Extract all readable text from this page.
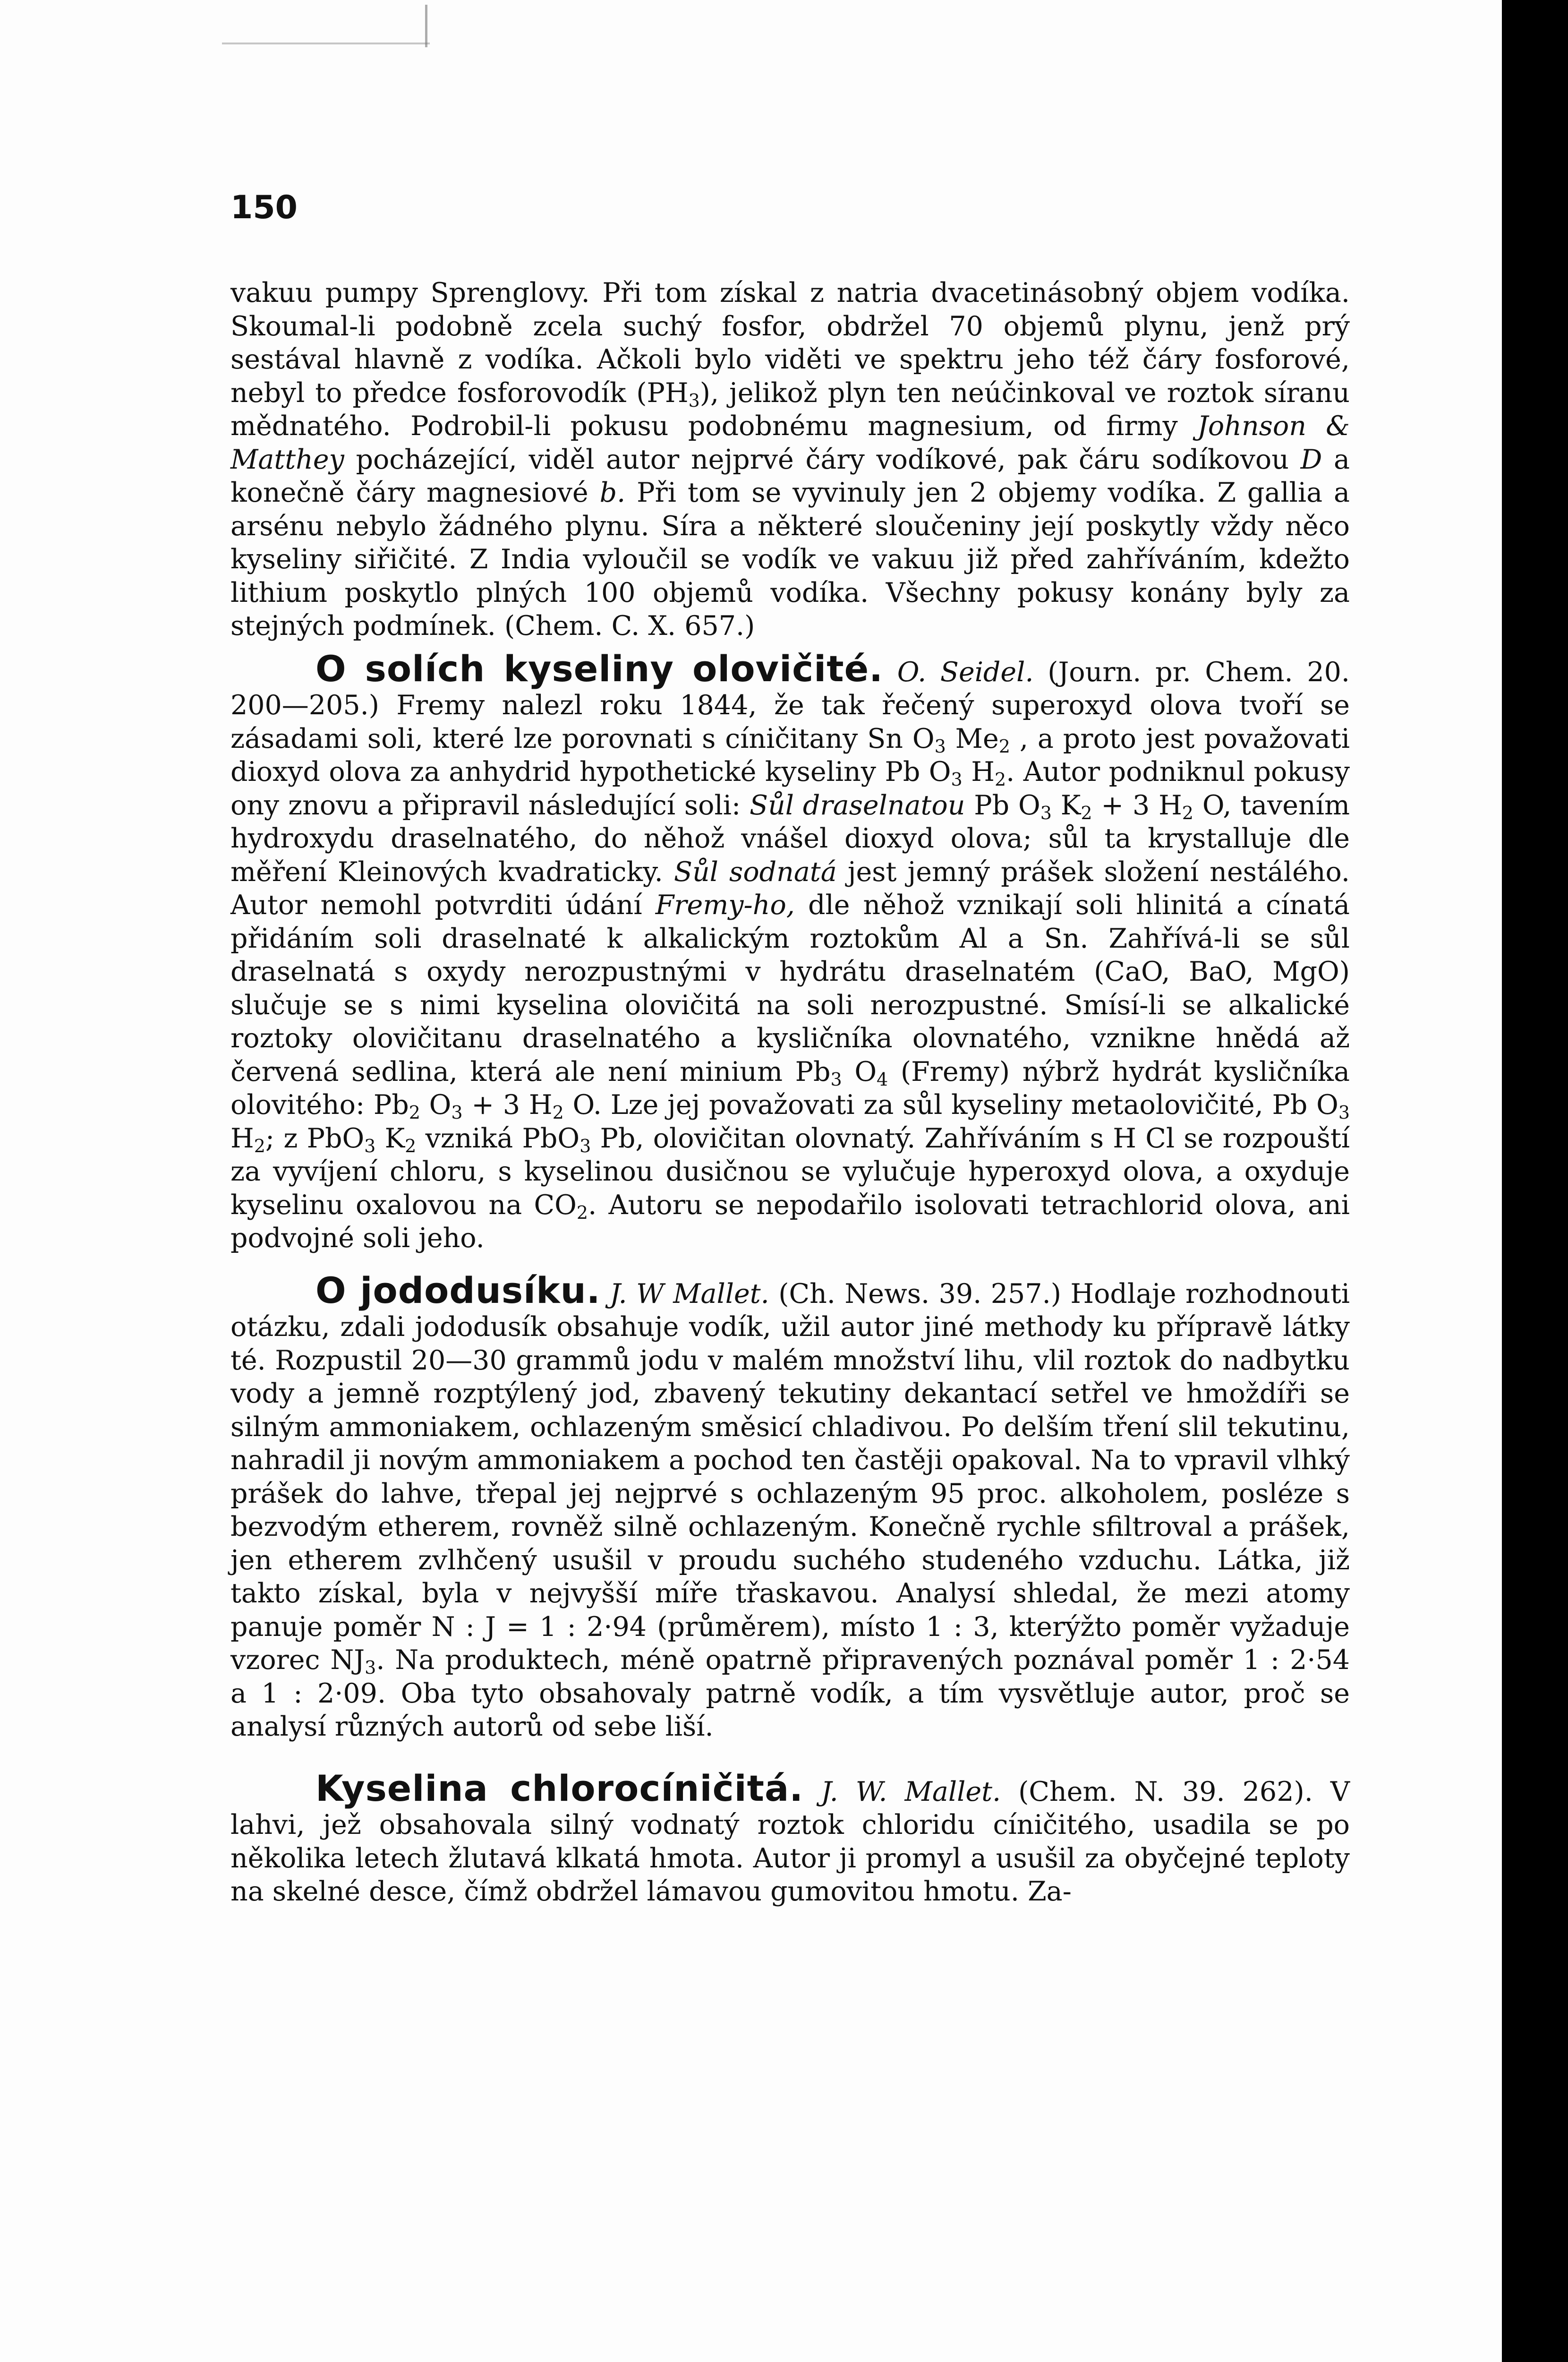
150

vakuu pumpy Sprenglovy. Při tom získal z natria dvacetinásobný objem vodíka. Skoumal-li podobně zcela suchý fosfor, obdržel 70 objemů plynu, jenž prý sestával hlavně z vodíka. Ačkoli bylo viděti ve spektru jeho též čáry fosforové, nebyl to předce fosforovodík $(PH_3)$, jelikož plyn ten neúčinkoval ve roztok síranu mědnatého. Podrobil-li pokusu podobnému magnesium, od firmy Johnson & Matthey pocházející, viděl autor nejprvé čáry vodíkové, pak čáru sodíkovou D a konečně čáry magnesiové b. Při tom se vyvinuly jen 2 objemy vodíka. Z gallia a arsénu nebylo žádného plynu. Síra a některé sloučeniny její poskytly vždy něco kyseliny siřičité. Z India vyloučil se vodík ve vakuu již před zahříváním, kdežto lithium poskytlo plných 100 objemů vodíka. Všechny pokusy konány byly za stejných podmínek. (Chem. C. X. 657.)

O solích kyseliny olovičité. O. Seidel. (Journ. pr. Chem. 20. 200—205.) Fremy nalezl roku 1844, že tak řečený superoxyd olova tvoří se zásadami soli, které lze porovnati s cíničitany Sn $O_3$ $Me_2$ , a proto jest považovati dioxyd olova za anhydrid hypothetické kyseliny Pb $O_3$ $H_2$. Autor podniknul pokusy ony znovu a připravil následující soli: Sůl draselnatou Pb $O_3$ $K_2 + 3$ $H_2$ O, tavením hydroxydu draselnatého, do něhož vnášel dioxyd olova; sůl ta krystalluje dle měření Kleinových kvadraticky. Sůl sodnatá jest jemný prášek složení nestálého. Autor nemohl potvrditi údání Fremy-ho, dle něhož vznikají soli hlinitá a cínatá přidáním soli draselnaté k alkalickým roztokům Al a Sn. Zahřívá-li se sůl draselnatá s oxydy nerozpustnými v hydrátu draselnatém (CaO, BaO, MgO) slučuje se s nimi kyselina olovičitá na soli nerozpustné. Smísí-li se alkalické roztoky olovičitanu draselnatého a kysličníka olovnatého, vznikne hnědá až červená sedlina, která ale není minium $Pb_3$ $O_4$ (Fremy) nýbrž hydrát kysličníka olovitého: $Pb_2$ $O_3 + 3$ $H_2$ O. Lze jej považovati za sůl kyseliny metaolovičité, Pb $O_3$ $H_2$; z PbO$_3$ $K_2$ vzniká PbO$_3$ Pb, olovičitan olovnatý. Zahříváním s H Cl se rozpouští za vyvíjení chloru, s kyselinou dusičnou se vylučuje hyperoxyd olova, a oxyduje kyselinu oxalovou na $CO_2$. Autoru se nepodařilo isolovati tetrachlorid olova, ani podvojné soli jeho.

O jododusíku. J. W Mallet. (Ch. News. 39. 257.) Hodlaje rozhodnouti otázku, zdali jododusík obsahuje vodík, užil autor jiné methody ku přípravě látky té. Rozpustil 20—30 grammů jodu v malém množství lihu, vlil roztok do nadbytku vody a jemně rozptýlený jod, zbavený tekutiny dekantací setřel ve hmoždíři se silným ammoniakem, ochlazeným směsicí chladivou. Po delším tření slil tekutinu, nahradil ji novým ammoniakem a pochod ten častěji opakoval. Na to vpravil vlhký prášek do lahve, třepal jej nejprvé s ochlazeným 95 proc. alkoholem, posléze s bezvodým etherem, rovněž silně ochlazeným. Konečně rychle sfiltroval a prášek, jen etherem zvlhčený usušil v proudu suchého studeného vzduchu. Látka, již takto získal, byla v nejvyšší míře třaskavou. Analysí shledal, že mezi atomy panuje poměr N : J = 1 : 2·94 (průměrem), místo 1 : 3, kterýžto poměr vyžaduje vzorec $NJ_3$. Na produktech, méně opatrně připravených poznával poměr 1 : 2·54 a 1 : 2·09. Oba tyto obsahovaly patrně vodík, a tím vysvětluje autor, proč se analysí různých autorů od sebe liší.

Kyselina chlorocíničitá. J. W. Mallet. (Chem. N. 39. 262). V lahvi, jež obsahovala silný vodnatý roztok chloridu cíničitého, usadila se po několika letech žlutavá klkatá hmota. Autor ji promyl a usušil za obyčejné teploty na skelné desce, čímž obdržel lámavou gumovitou hmotu. Za-
